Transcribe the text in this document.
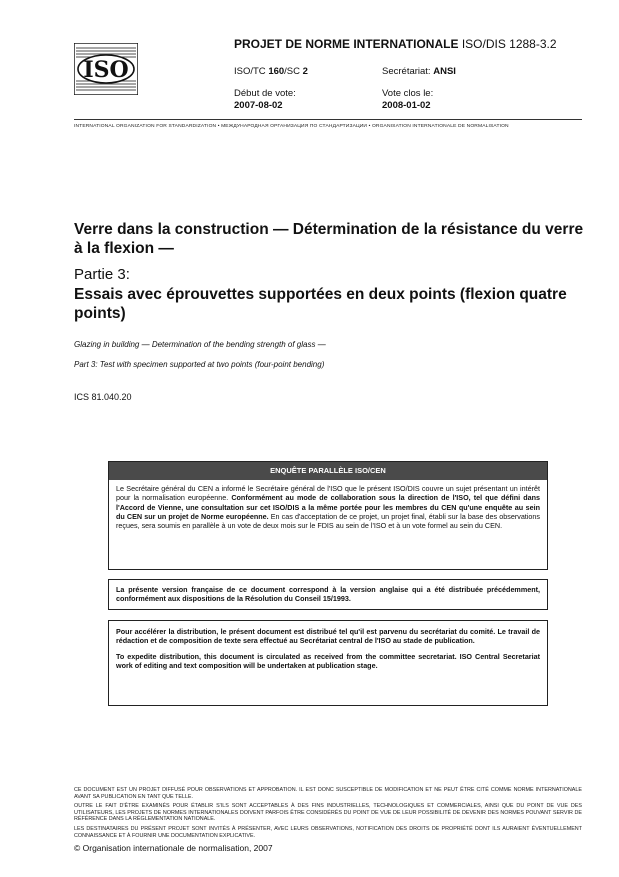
ISO
PROJET DE NORME INTERNATIONALE ISO/DIS 1288-3.2
ISO/TC 160/SC 2	Secrétariat: ANSI
Début de vote:
2007-08-02
Vote clos le:
2008-01-02
INTERNATIONAL ORGANIZATION FOR STANDARDIZATION • МЕЖДУНАРОДНАЯ ОРГАНИЗАЦИЯ ПО СТАНДАРТИЗАЦИИ • ORGANISATION INTERNATIONALE DE NORMALISATION
Verre dans la construction — Détermination de la résistance du verre à la flexion —
Partie 3:
Essais avec éprouvettes supportées en deux points (flexion quatre points)
Glazing in building — Determination of the bending strength of glass —
Part 3: Test with specimen supported at two points (four-point bending)
ICS 81.040.20
ENQUÊTE PARALLÈLE ISO/CEN

Le Secrétaire général du CEN a informé le Secrétaire général de l'ISO que le présent ISO/DIS couvre un sujet présentant un intérêt pour la normalisation européenne. Conformément au mode de collaboration sous la direction de l'ISO, tel que défini dans l'Accord de Vienne, une consultation sur cet ISO/DIS a la même portée pour les membres du CEN qu'une enquête au sein du CEN sur un projet de Norme européenne. En cas d'acceptation de ce projet, un projet final, établi sur la base des observations reçues, sera soumis en parallèle à un vote de deux mois sur le FDIS au sein de l'ISO et à un vote formel au sein du CEN.

La présente version française de ce document correspond à la version anglaise qui a été distribuée précédemment, conformément aux dispositions de la Résolution du Conseil 15/1993.

Pour accélérer la distribution, le présent document est distribué tel qu'il est parvenu du secrétariat du comité. Le travail de rédaction et de composition de texte sera effectué au Secrétariat central de l'ISO au stade de publication.

To expedite distribution, this document is circulated as received from the committee secretariat. ISO Central Secretariat work of editing and text composition will be undertaken at publication stage.

CE DOCUMENT EST UN PROJET DIFFUSÉ POUR OBSERVATIONS ET APPROBATION. IL EST DONC SUSCEPTIBLE DE MODIFICATION ET NE PEUT ÊTRE CITÉ COMME NORME INTERNATIONALE AVANT SA PUBLICATION EN TANT QUE TELLE.

OUTRE LE FAIT D'ÊTRE EXAMINÉS POUR ÉTABLIR S'ILS SONT ACCEPTABLES À DES FINS INDUSTRIELLES, TECHNOLOGIQUES ET COMMERCIALES, AINSI QUE DU POINT DE VUE DES UTILISATEURS, LES PROJETS DE NORMES INTERNATIONALES DOIVENT PARFOIS ÊTRE CONSIDÉRÉS DU POINT DE VUE DE LEUR POSSIBILITÉ DE DEVENIR DES NORMES POUVANT SERVIR DE RÉFÉRENCE DANS LA RÉGLEMENTATION NATIONALE.

LES DESTINATAIRES DU PRÉSENT PROJET SONT INVITÉS À PRÉSENTER, AVEC LEURS OBSERVATIONS, NOTIFICATION DES DROITS DE PROPRIÉTÉ DONT ILS AURAIENT ÉVENTUELLEMENT CONNAISSANCE ET À FOURNIR UNE DOCUMENTATION EXPLICATIVE.

© Organisation internationale de normalisation, 2007
